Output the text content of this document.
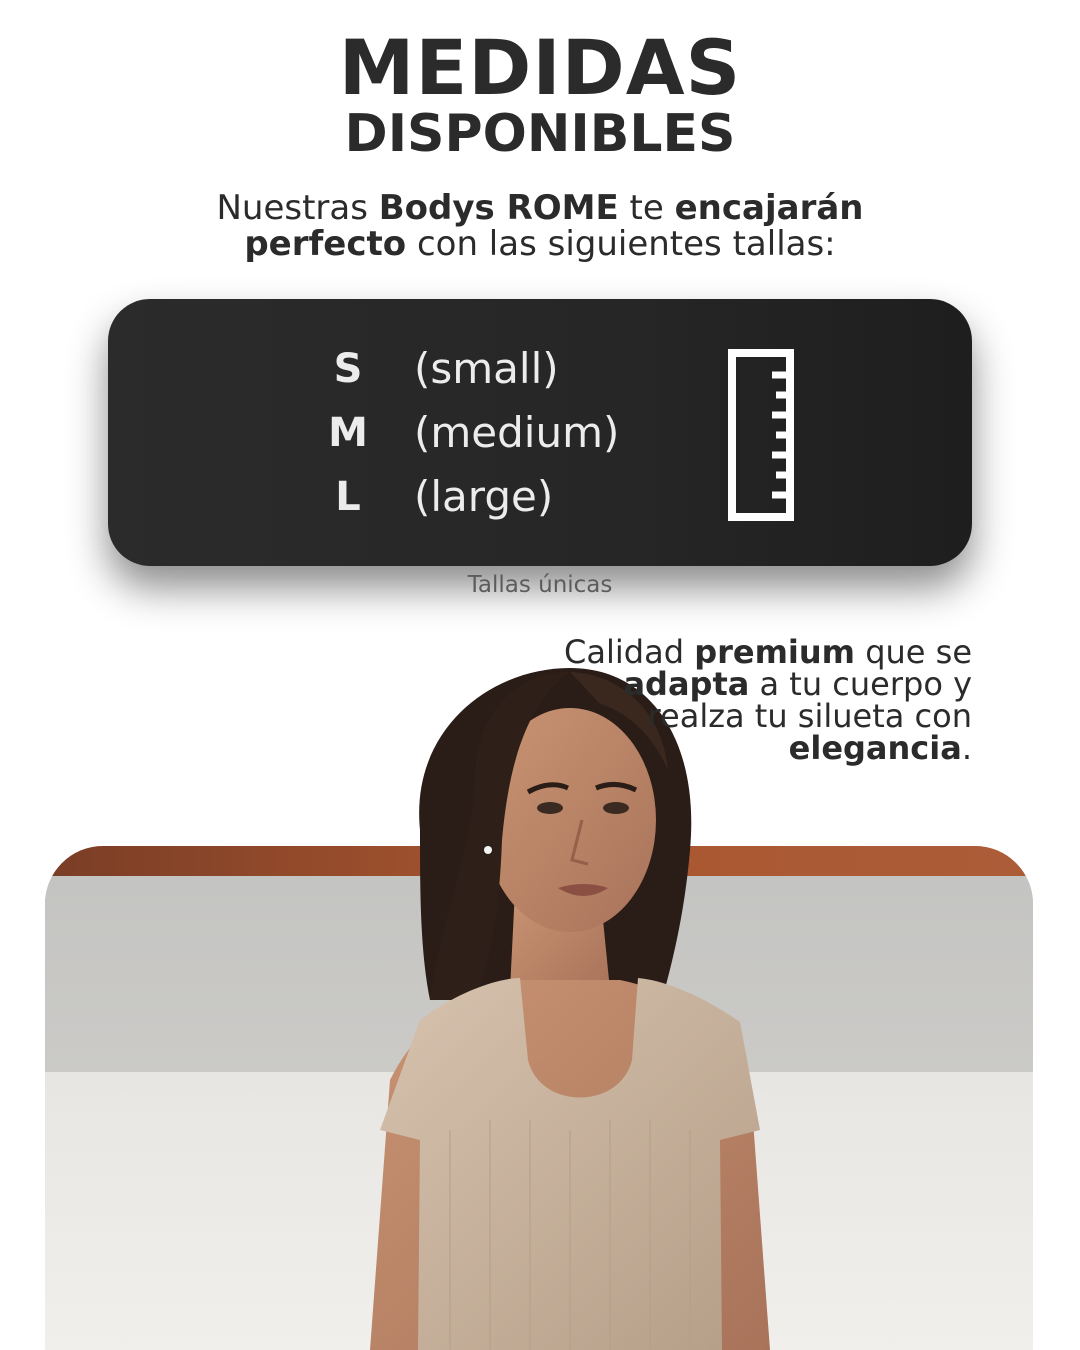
MEDIDAS
DISPONIBLES
Nuestras Bodys ROME te encajarán
perfecto con las siguientes tallas:
S	(small)
M	(medium)
L	(large)
Tallas únicas
Calidad premium que se
adapta a tu cuerpo y
realza tu silueta con
elegancia.
